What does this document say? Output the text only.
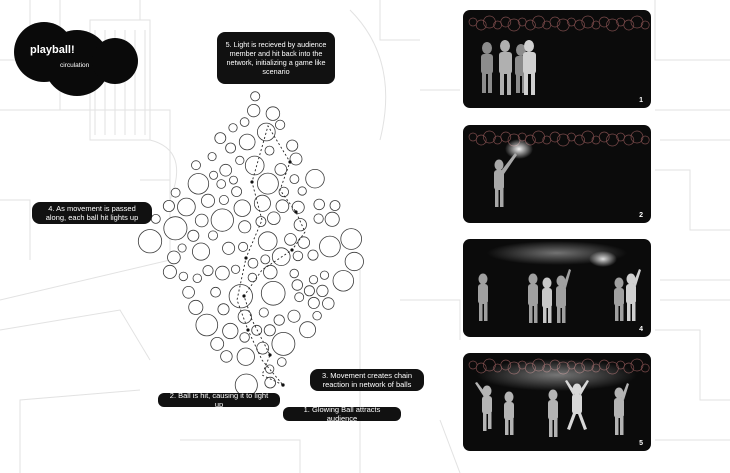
playball!
circulation
5. Light is recieved by audience member and hit back into the network, initializing a game like scenario
4. As movement is passed along, each ball hit lights up
3. Movement creates chain reaction in network of balls
2. Ball is hit, causing it to light up
1. Glowing Ball attracts audience
1
2
4
5
